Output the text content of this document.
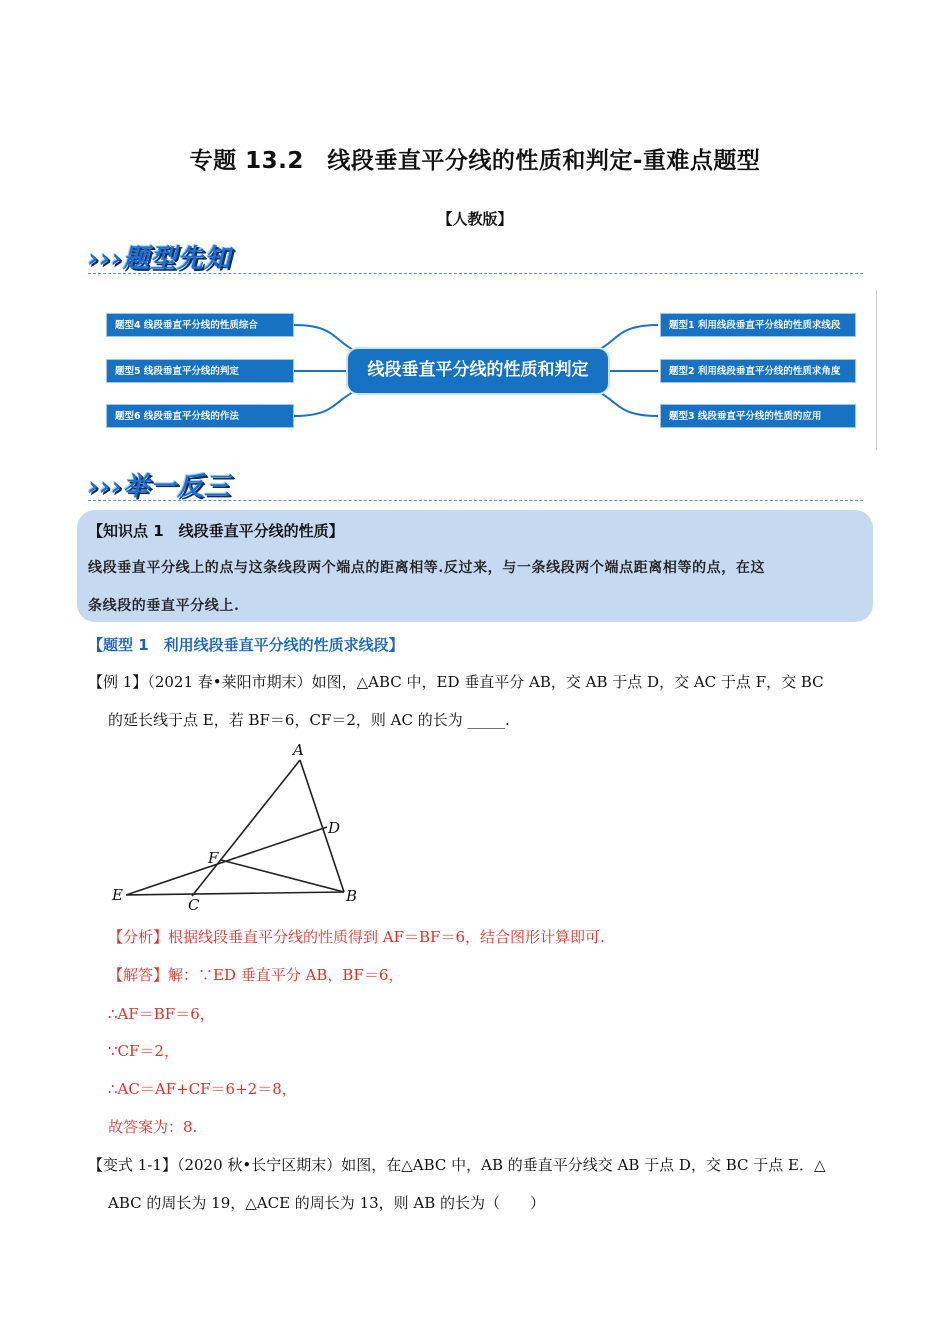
专题 13.2　线段垂直平分线的性质和判定-重难点题型
【人教版】
›››题型先知
题型4 线段垂直平分线的性质综合
题型5 线段垂直平分线的判定
题型6 线段垂直平分线的作法
线段垂直平分线的性质和判定
题型1 利用线段垂直平分线的性质求线段
题型2 利用线段垂直平分线的性质求角度
题型3 线段垂直平分线的性质的应用
›››举一反三
【知识点 1　线段垂直平分线的性质】
线段垂直平分线上的点与这条线段两个端点的距离相等.反过来，与一条线段两个端点距离相等的点，在这
条线段的垂直平分线上.
【题型 1　利用线段垂直平分线的性质求线段】
【例 1】（2021 春•莱阳市期末）如图，△ABC 中，ED 垂直平分 AB，交 AB 于点 D，交 AC 于点 F，交 BC
的延长线于点 E，若 BF＝6，CF＝2，则 AC 的长为 _____.
A
B
C
D
E
F
【分析】根据线段垂直平分线的性质得到 AF＝BF＝6，结合图形计算即可.
【解答】解：∵ED 垂直平分 AB，BF＝6，
∴AF＝BF＝6，
∵CF＝2，
∴AC＝AF+CF＝6+2＝8，
故答案为：8.
【变式 1-1】（2020 秋•长宁区期末）如图，在△ABC 中，AB 的垂直平分线交 AB 于点 D，交 BC 于点 E．△
ABC 的周长为 19，△ACE 的周长为 13，则 AB 的长为（　　）
